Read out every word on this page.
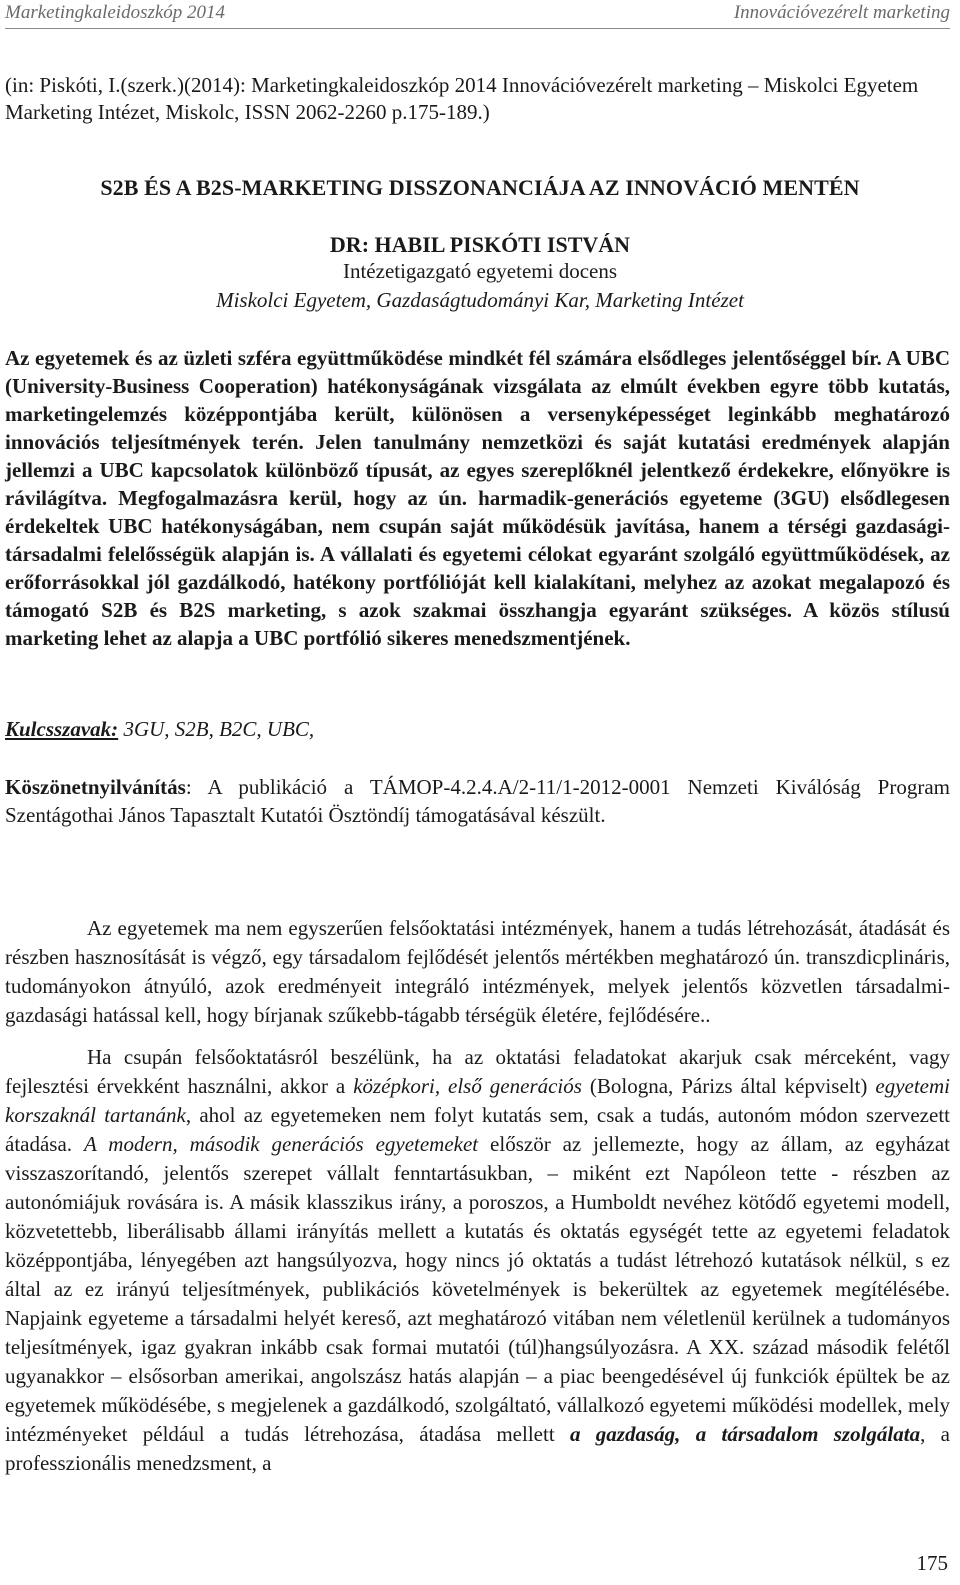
Marketingkaleidoszkóp 2014	Innovációvezérelt marketing
(in: Piskóti, I.(szerk.)(2014): Marketingkaleidoszkóp 2014 Innovációvezérelt marketing – Miskolci Egyetem Marketing Intézet, Miskolc, ISSN 2062-2260 p.175-189.)
S2B ÉS A B2S-MARKETING DISSZONANCIÁJA AZ INNOVÁCIÓ MENTÉN
DR: HABIL PISKÓTI ISTVÁN
Intézetigazgató egyetemi docens
Miskolci Egyetem, Gazdaságtudományi Kar, Marketing Intézet
Az egyetemek és az üzleti szféra együttműködése mindkét fél számára elsődleges jelentőséggel bír. A UBC (University-Business Cooperation) hatékonyságának vizsgálata az elmúlt években egyre több kutatás, marketingelemzés középpontjába került, különösen a versenyképességet leginkább meghatározó innovációs teljesítmények terén. Jelen tanulmány nemzetközi és saját kutatási eredmények alapján jellemzi a UBC kapcsolatok különböző típusát, az egyes szereplőknél jelentkező érdekekre, előnyökre is rávilágítva. Megfogalmazásra kerül, hogy az ún. harmadik-generációs egyeteme (3GU) elsődlegesen érdekeltek UBC hatékonyságában, nem csupán saját működésük javítása, hanem a térségi gazdasági-társadalmi felelősségük alapján is. A vállalati és egyetemi célokat egyaránt szolgáló együttműködések, az erőforrásokkal jól gazdálkodó, hatékony portfólióját kell kialakítani, melyhez az azokat megalapozó és támogató S2B és B2S marketing, s azok szakmai összhangja egyaránt szükséges. A közös stílusú marketing lehet az alapja a UBC portfólió sikeres menedszmentjének.
Kulcsszavak: 3GU, S2B, B2C, UBC,
Köszönetnyilvánítás: A publikáció a TÁMOP-4.2.4.A/2-11/1-2012-0001 Nemzeti Kiválóság Program Szentágothai János Tapasztalt Kutatói Ösztöndíj támogatásával készült.

Az egyetemek ma nem egyszerűen felsőoktatási intézmények, hanem a tudás létrehozását, átadását és részben hasznosítását is végző, egy társadalom fejlődését jelentős mértékben meghatározó ún. transzdicplináris, tudományokon átnyúló, azok eredményeit integráló intézmények, melyek jelentős közvetlen társadalmi-gazdasági hatással kell, hogy bírjanak szűkebb-tágabb térségük életére, fejlődésére..

Ha csupán felsőoktatásról beszélünk, ha az oktatási feladatokat akarjuk csak mérceként, vagy fejlesztési érvekként használni, akkor a középkori, első generációs (Bologna, Párizs által képviselt) egyetemi korszaknál tartanánk, ahol az egyetemeken nem folyt kutatás sem, csak a tudás, autonóm módon szervezett átadása. A modern, második generációs egyetemeket először az jellemezte, hogy az állam, az egyházat visszaszorítandó, jelentős szerepet vállalt fenntartásukban, – miként ezt Napóleon tette - részben az autonómiájuk rovására is. A másik klasszikus irány, a poroszos, a Humboldt nevéhez kötődő egyetemi modell, közvetettebb, liberálisabb állami irányítás mellett a kutatás és oktatás egységét tette az egyetemi feladatok középpontjába, lényegében azt hangsúlyozva, hogy nincs jó oktatás a tudást létrehozó kutatások nélkül, s ez által az ez irányú teljesítmények, publikációs követelmények is bekerültek az egyetemek megítélésébe. Napjaink egyeteme a társadalmi helyét kereső, azt meghatározó vitában nem véletlenül kerülnek a tudományos teljesítmények, igaz gyakran inkább csak formai mutatói (túl)hangsúlyozásra. A XX. század második felétől ugyanakkor – elsősorban amerikai, angolszász hatás alapján – a piac beengedésével új funkciók épültek be az egyetemek működésébe, s megjelenek a gazdálkodó, szolgáltató, vállalkozó egyetemi működési modellek, mely intézményeket például a tudás létrehozása, átadása mellett a gazdaság, a társadalom szolgálata, a professzionális menedzsment, a

175
